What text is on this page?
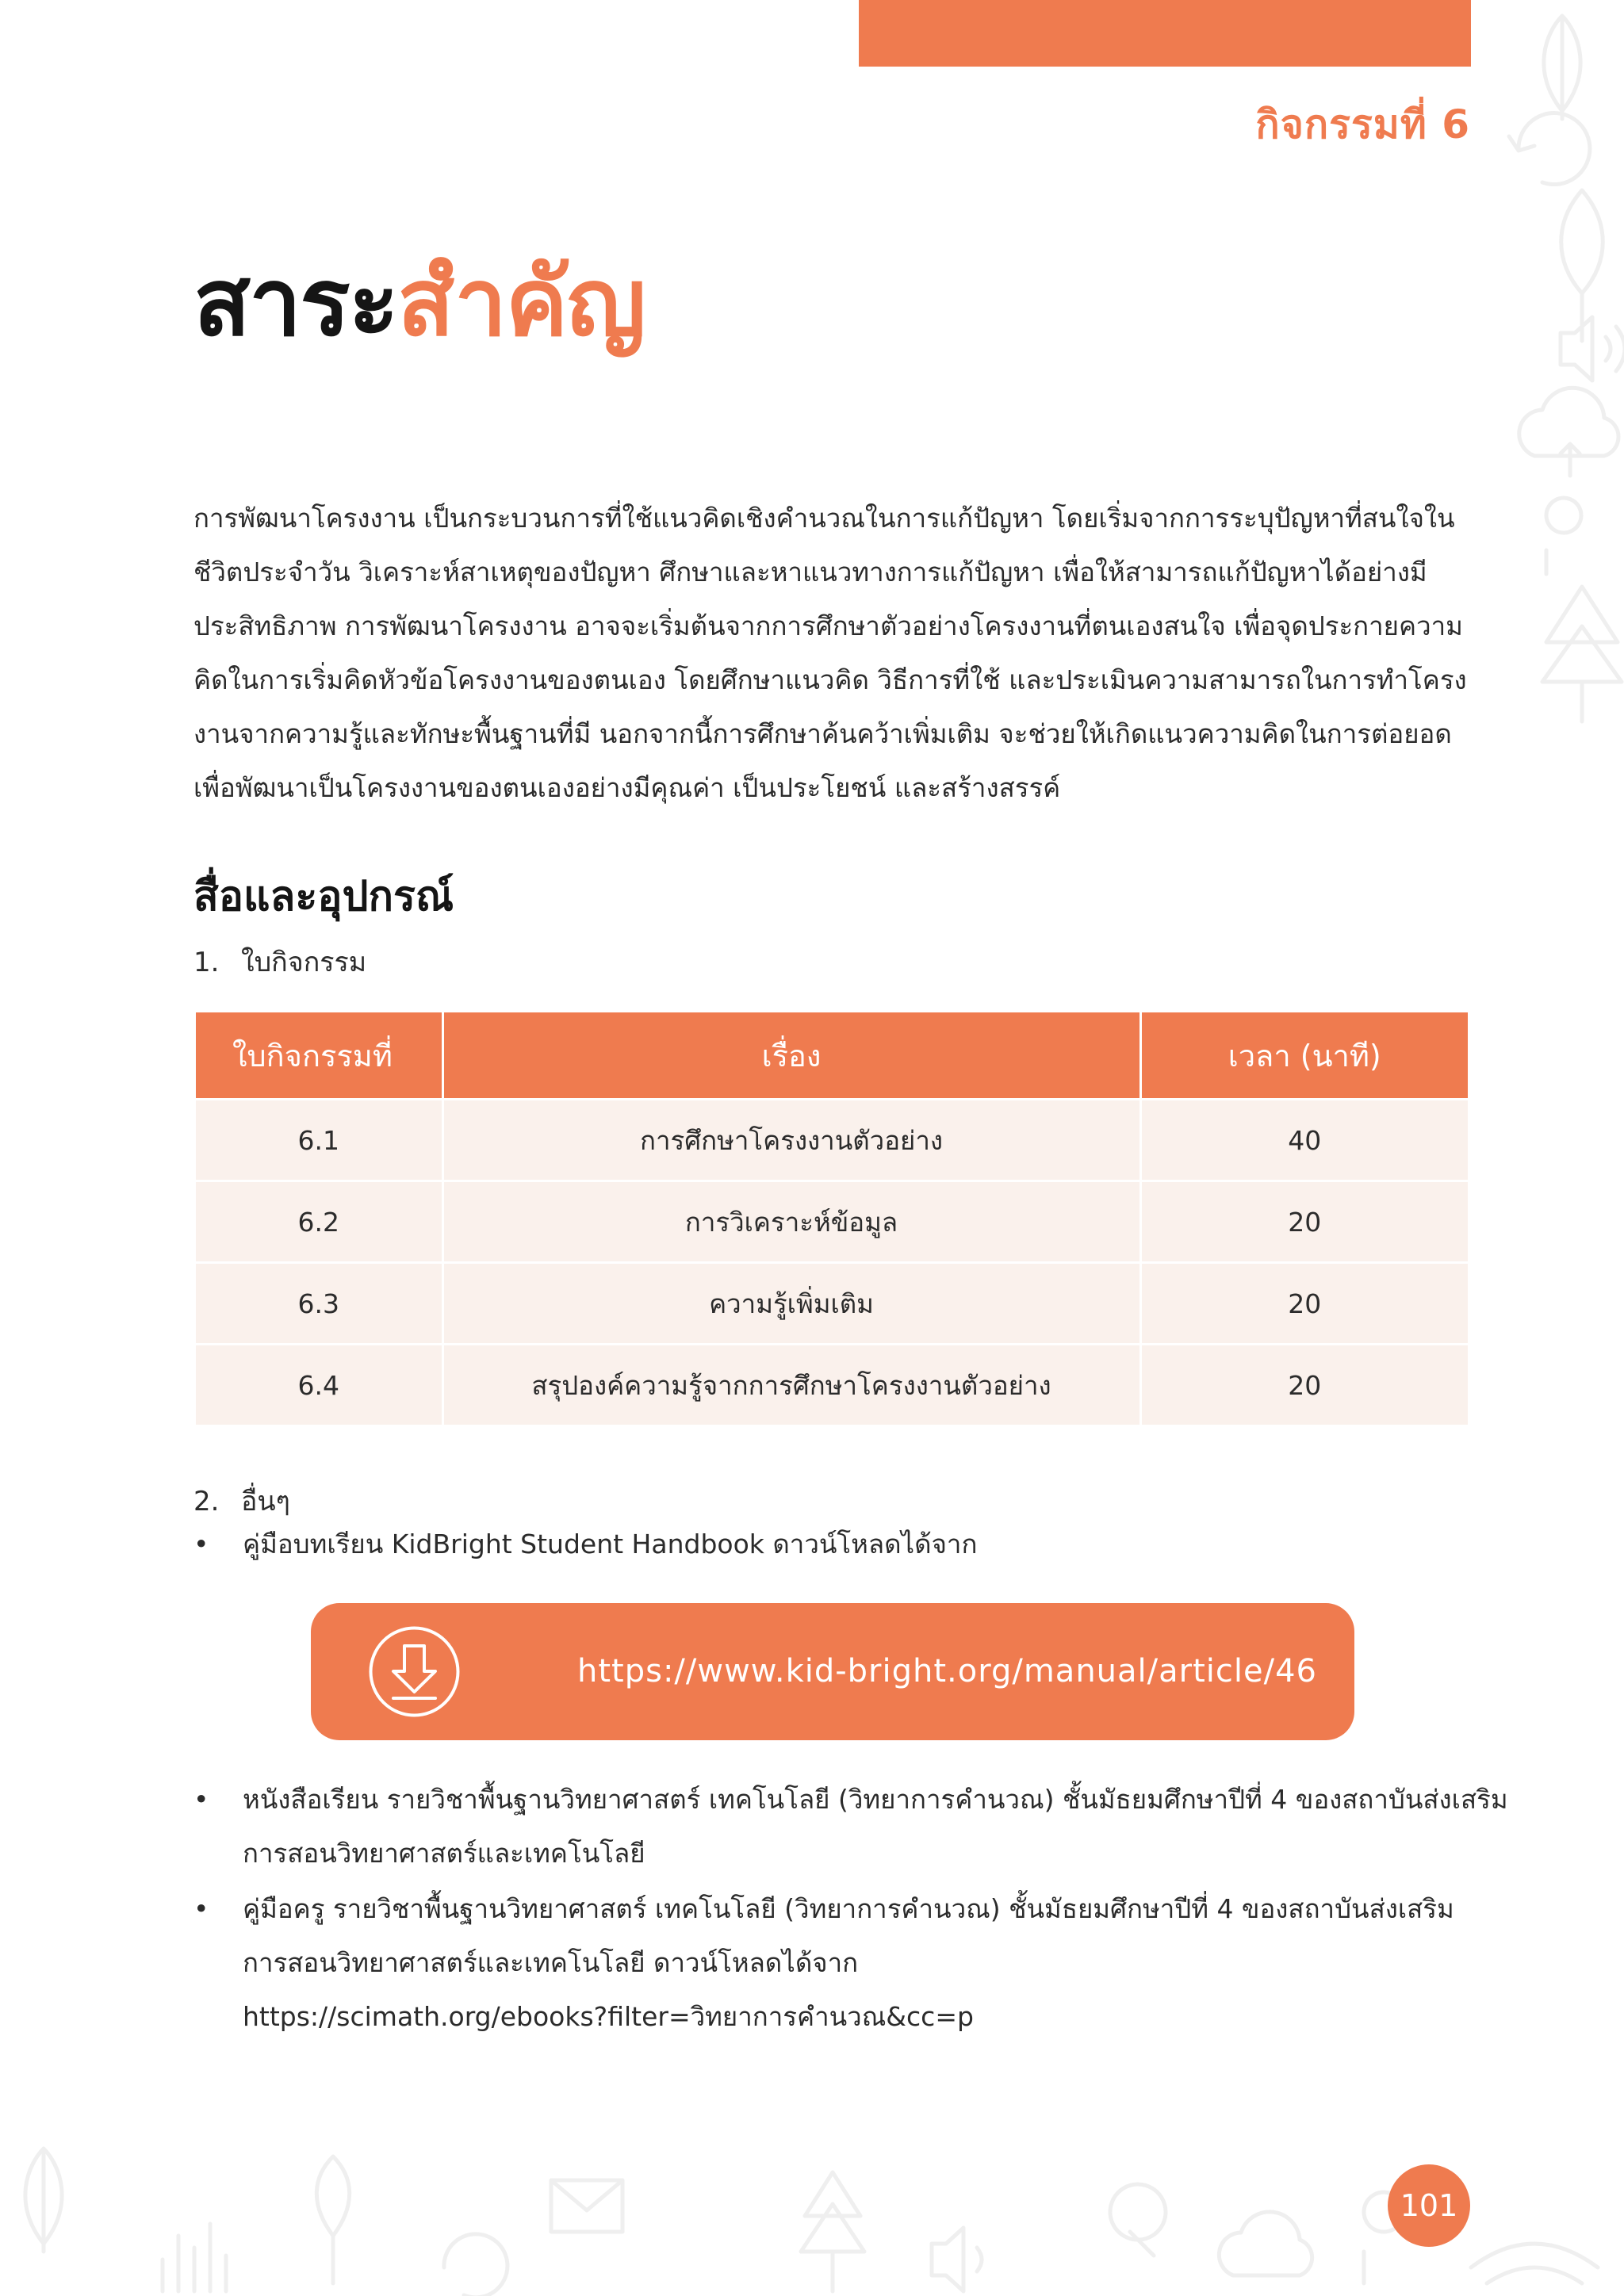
กิจกรรมที่ 6
สาระสำคัญ

การพัฒนาโครงงาน เป็นกระบวนการที่ใช้แนวคิดเชิงคำนวณในการแก้ปัญหา โดยเริ่มจากการระบุปัญหาที่สนใจใน

ชีวิตประจำวัน วิเคราะห์สาเหตุของปัญหา ศึกษาและหาแนวทางการแก้ปัญหา เพื่อให้สามารถแก้ปัญหาได้อย่างมี

ประสิทธิภาพ การพัฒนาโครงงาน อาจจะเริ่มต้นจากการศึกษาตัวอย่างโครงงานที่ตนเองสนใจ เพื่อจุดประกายความ

คิดในการเริ่มคิดหัวข้อโครงงานของตนเอง โดยศึกษาแนวคิด วิธีการที่ใช้ และประเมินความสามารถในการทำโครง

งานจากความรู้และทักษะพื้นฐานที่มี นอกจากนี้การศึกษาค้นคว้าเพิ่มเติม จะช่วยให้เกิดแนวความคิดในการต่อยอด

เพื่อพัฒนาเป็นโครงงานของตนเองอย่างมีคุณค่า เป็นประโยชน์ และสร้างสรรค์

สื่อและอุปกรณ์
1. ใบกิจกรรม
ใบกิจกรรมที่	เรื่อง	เวลา (นาที)
6.1	การศึกษาโครงงานตัวอย่าง	40
6.2	การวิเคราะห์ข้อมูล	20
6.3	ความรู้เพิ่มเติม	20
6.4	สรุปองค์ความรู้จากการศึกษาโครงงานตัวอย่าง	20
2. อื่นๆ
• คู่มือบทเรียน KidBright Student Handbook ดาวน์โหลดได้จาก
https://www.kid-bright.org/manual/article/46
• หนังสือเรียน รายวิชาพื้นฐานวิทยาศาสตร์ เทคโนโลยี (วิทยาการคำนวณ) ชั้นมัธยมศึกษาปีที่ 4 ของสถาบันส่งเสริม
การสอนวิทยาศาสตร์และเทคโนโลยี
• คู่มือครู รายวิชาพื้นฐานวิทยาศาสตร์ เทคโนโลยี (วิทยาการคำนวณ) ชั้นมัธยมศึกษาปีที่ 4 ของสถาบันส่งเสริม
การสอนวิทยาศาสตร์และเทคโนโลยี ดาวน์โหลดได้จาก
https://scimath.org/ebooks?filter=วิทยาการคำนวณ&cc=p
101
